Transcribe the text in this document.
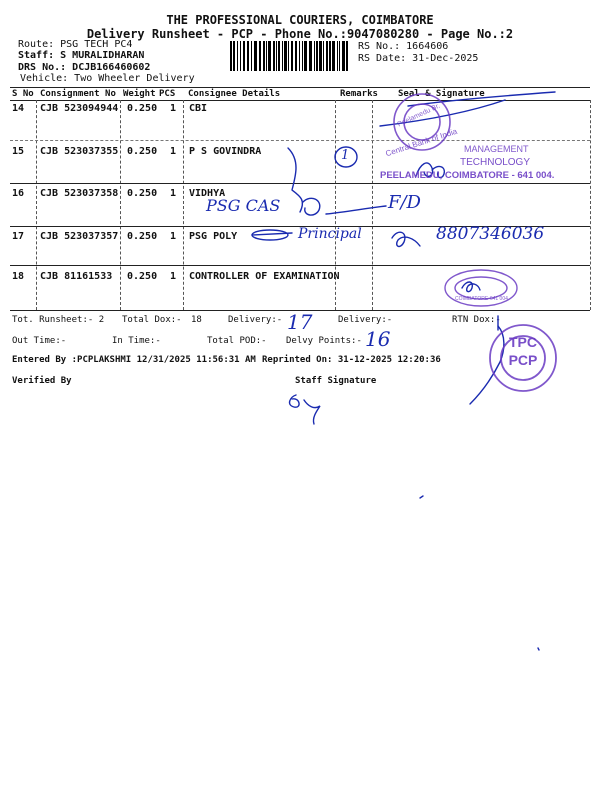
THE PROFESSIONAL COURIERS, COIMBATORE
Delivery Runsheet - PCP - Phone No.:9047080280 - Page No.:2
Route: PSG TECH PC4
Staff: S MURALIDHARAN
DRS No.: DCJB166460602
Vehicle: Two Wheeler Delivery
RS No.: 1664606
RS Date: 31-Dec-2025
S No Consignment No Weight PCS Consignee Details	Remarks Seal & Signature
14 CJB 523094944 0.250 1 CBI
15 CJB 523037355 0.250 1 P S GOVINDRA
16 CJB 523037358 0.250 1 VIDHYA
17 CJB 523037357 0.250 1 PSG POLY
18 CJB 81161533 0.250 1 CONTROLLER OF EXAMINATION
Tot. Runsheet:- 2 Total Dox:- 18	Delivery:-	Delivery:-	RTN Dox:-
Out Time:-	In Time:-	Total POD:- Delvy Points:-
Entered By :PCPLAKSHMI 12/31/2025 11:56:31 AM Reprinted On: 31-12-2025 12:20:36
Verified By	Staff Signature
17
16
PSG CAS	F/D
Principal	8807346036
1	Central Bank of India
Peelamedu Br.
MANAGEMENT
TECHNOLOGY
PEELAMEDU, COIMBATORE - 641 004.
COIMBATORE-641 004
TPC
PCP
